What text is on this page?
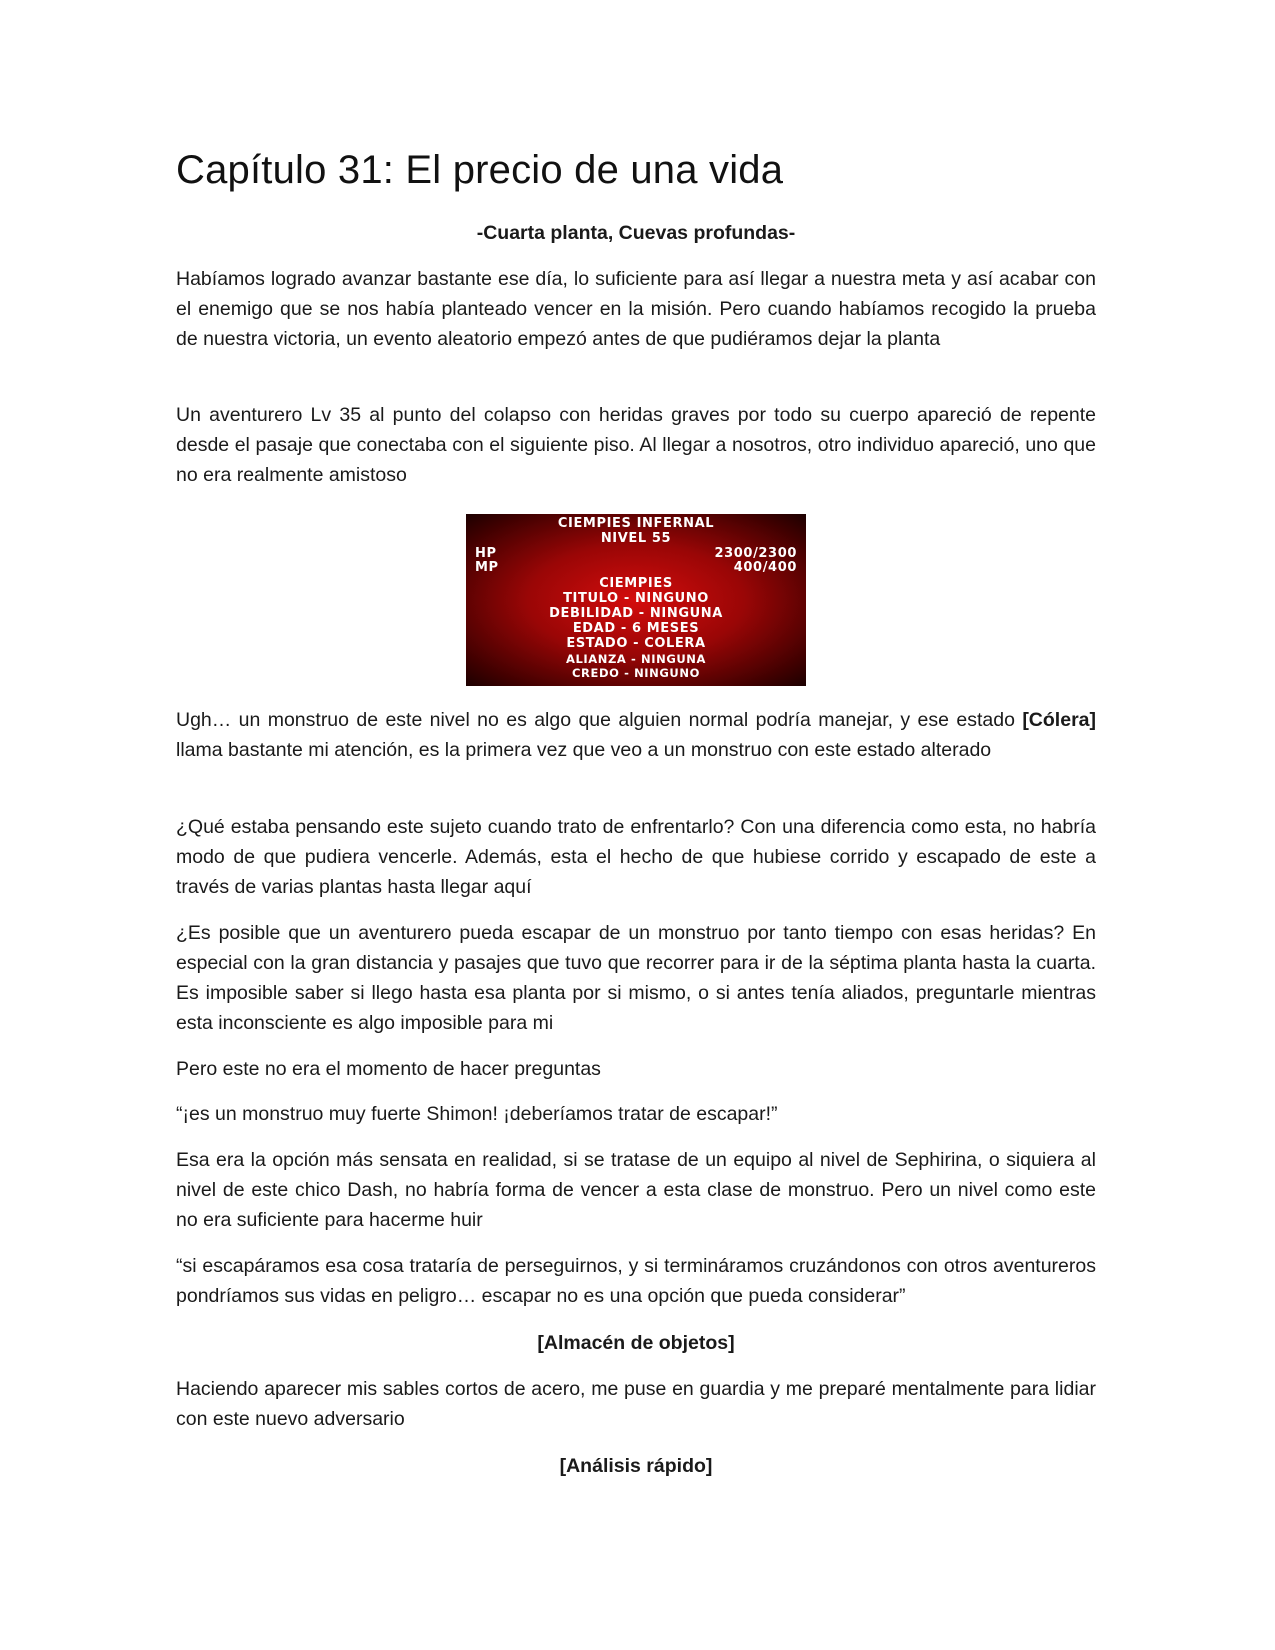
Capítulo 31: El precio de una vida

-Cuarta planta, Cuevas profundas-

Habíamos logrado avanzar bastante ese día, lo suficiente para así llegar a nuestra meta y así acabar con el enemigo que se nos había planteado vencer en la misión. Pero cuando habíamos recogido la prueba de nuestra victoria, un evento aleatorio empezó antes de que pudiéramos dejar la planta

Un aventurero Lv 35 al punto del colapso con heridas graves por todo su cuerpo apareció de repente desde el pasaje que conectaba con el siguiente piso. Al llegar a nosotros, otro individuo apareció, uno que no era realmente amistoso

CIEMPIES INFERNAL
NIVEL 55
HP	2300/2300
MP	400/400
CIEMPIES
TITULO - NINGUNO
DEBILIDAD - NINGUNA
EDAD - 6 MESES
ESTADO - COLERA
ALIANZA - NINGUNA
CREDO - NINGUNO

Ugh… un monstruo de este nivel no es algo que alguien normal podría manejar, y ese estado [Cólera] llama bastante mi atención, es la primera vez que veo a un monstruo con este estado alterado

¿Qué estaba pensando este sujeto cuando trato de enfrentarlo? Con una diferencia como esta, no habría modo de que pudiera vencerle. Además, esta el hecho de que hubiese corrido y escapado de este a través de varias plantas hasta llegar aquí

¿Es posible que un aventurero pueda escapar de un monstruo por tanto tiempo con esas heridas? En especial con la gran distancia y pasajes que tuvo que recorrer para ir de la séptima planta hasta la cuarta. Es imposible saber si llego hasta esa planta por si mismo, o si antes tenía aliados, preguntarle mientras esta inconsciente es algo imposible para mi

Pero este no era el momento de hacer preguntas

“¡es un monstruo muy fuerte Shimon! ¡deberíamos tratar de escapar!”

Esa era la opción más sensata en realidad, si se tratase de un equipo al nivel de Sephirina, o siquiera al nivel de este chico Dash, no habría forma de vencer a esta clase de monstruo. Pero un nivel como este no era suficiente para hacerme huir

“si escapáramos esa cosa trataría de perseguirnos, y si termináramos cruzándonos con otros aventureros pondríamos sus vidas en peligro… escapar no es una opción que pueda considerar”

[Almacén de objetos]

Haciendo aparecer mis sables cortos de acero, me puse en guardia y me preparé mentalmente para lidiar con este nuevo adversario

[Análisis rápido]
